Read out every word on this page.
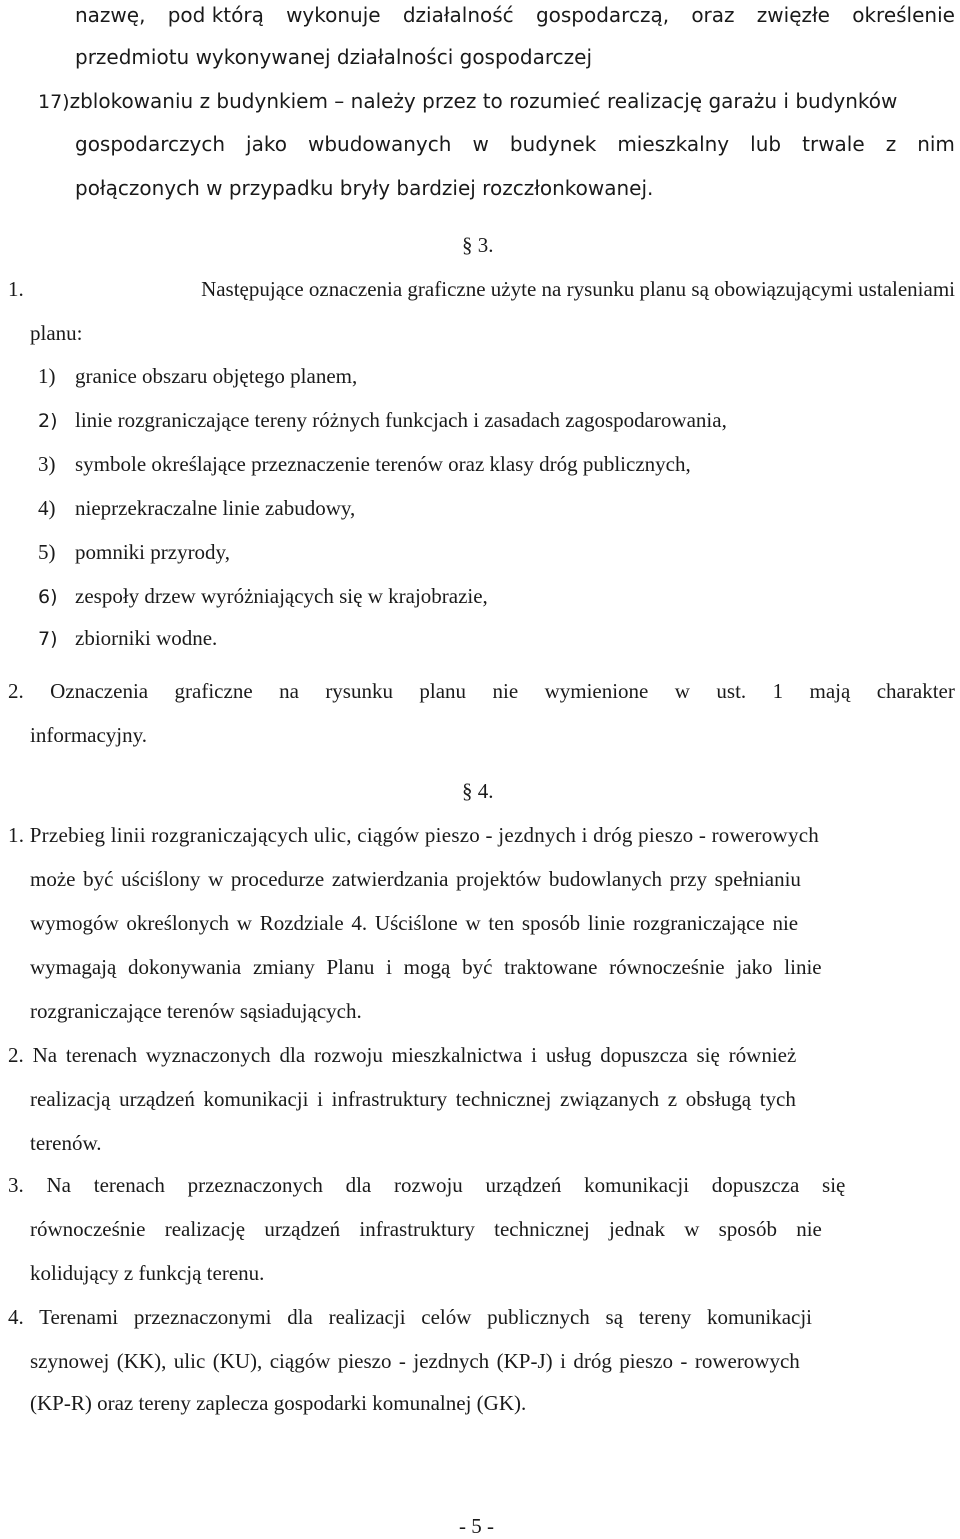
nazwę, pod którą wykonuje działalność gospodarczą, oraz zwięzłe określenie
przedmiotu wykonywanej działalności gospodarczej
17)zblokowaniu z budynkiem – należy przez to rozumieć realizację garażu i budynków
gospodarczych jako wbudowanych w budynek mieszkalny lub trwale z nim
połączonych w przypadku bryły bardziej rozczłonkowanej.
§ 3.
1.	Następujące oznaczenia graficzne użyte na rysunku planu są obowiązującymi ustaleniami
planu:
1) granice obszaru objętego planem,
2) linie rozgraniczające tereny różnych funkcjach i zasadach zagospodarowania,
3) symbole określające przeznaczenie terenów oraz klasy dróg publicznych,
4) nieprzekraczalne linie zabudowy,
5) pomniki przyrody,
6) zespoły drzew wyróżniających się w krajobrazie,
7) zbiorniki wodne.
2. Oznaczenia graficzne na rysunku planu nie wymienione w ust. 1 mają charakter
informacyjny.
§ 4.
1. Przebieg linii rozgraniczających ulic, ciągów pieszo - jezdnych i dróg pieszo - rowerowych
może być uściślony w procedurze zatwierdzania projektów budowlanych przy spełnianiu
wymogów określonych w Rozdziale 4. Uściślone w ten sposób linie rozgraniczające nie
wymagają dokonywania zmiany Planu i mogą być traktowane równocześnie jako linie
rozgraniczające terenów sąsiadujących.
2. Na terenach wyznaczonych dla rozwoju mieszkalnictwa i usług dopuszcza się również
realizacją urządzeń komunikacji i infrastruktury technicznej związanych z obsługą tych
terenów.
3. Na terenach przeznaczonych dla rozwoju urządzeń komunikacji dopuszcza się
równocześnie realizację urządzeń infrastruktury technicznej jednak w sposób nie
kolidujący z funkcją terenu.
4. Terenami przeznaczonymi dla realizacji celów publicznych są tereny komunikacji
szynowej (KK), ulic (KU), ciągów pieszo - jezdnych (KP-J) i dróg pieszo - rowerowych
(KP-R) oraz tereny zaplecza gospodarki komunalnej (GK).
- 5 -
